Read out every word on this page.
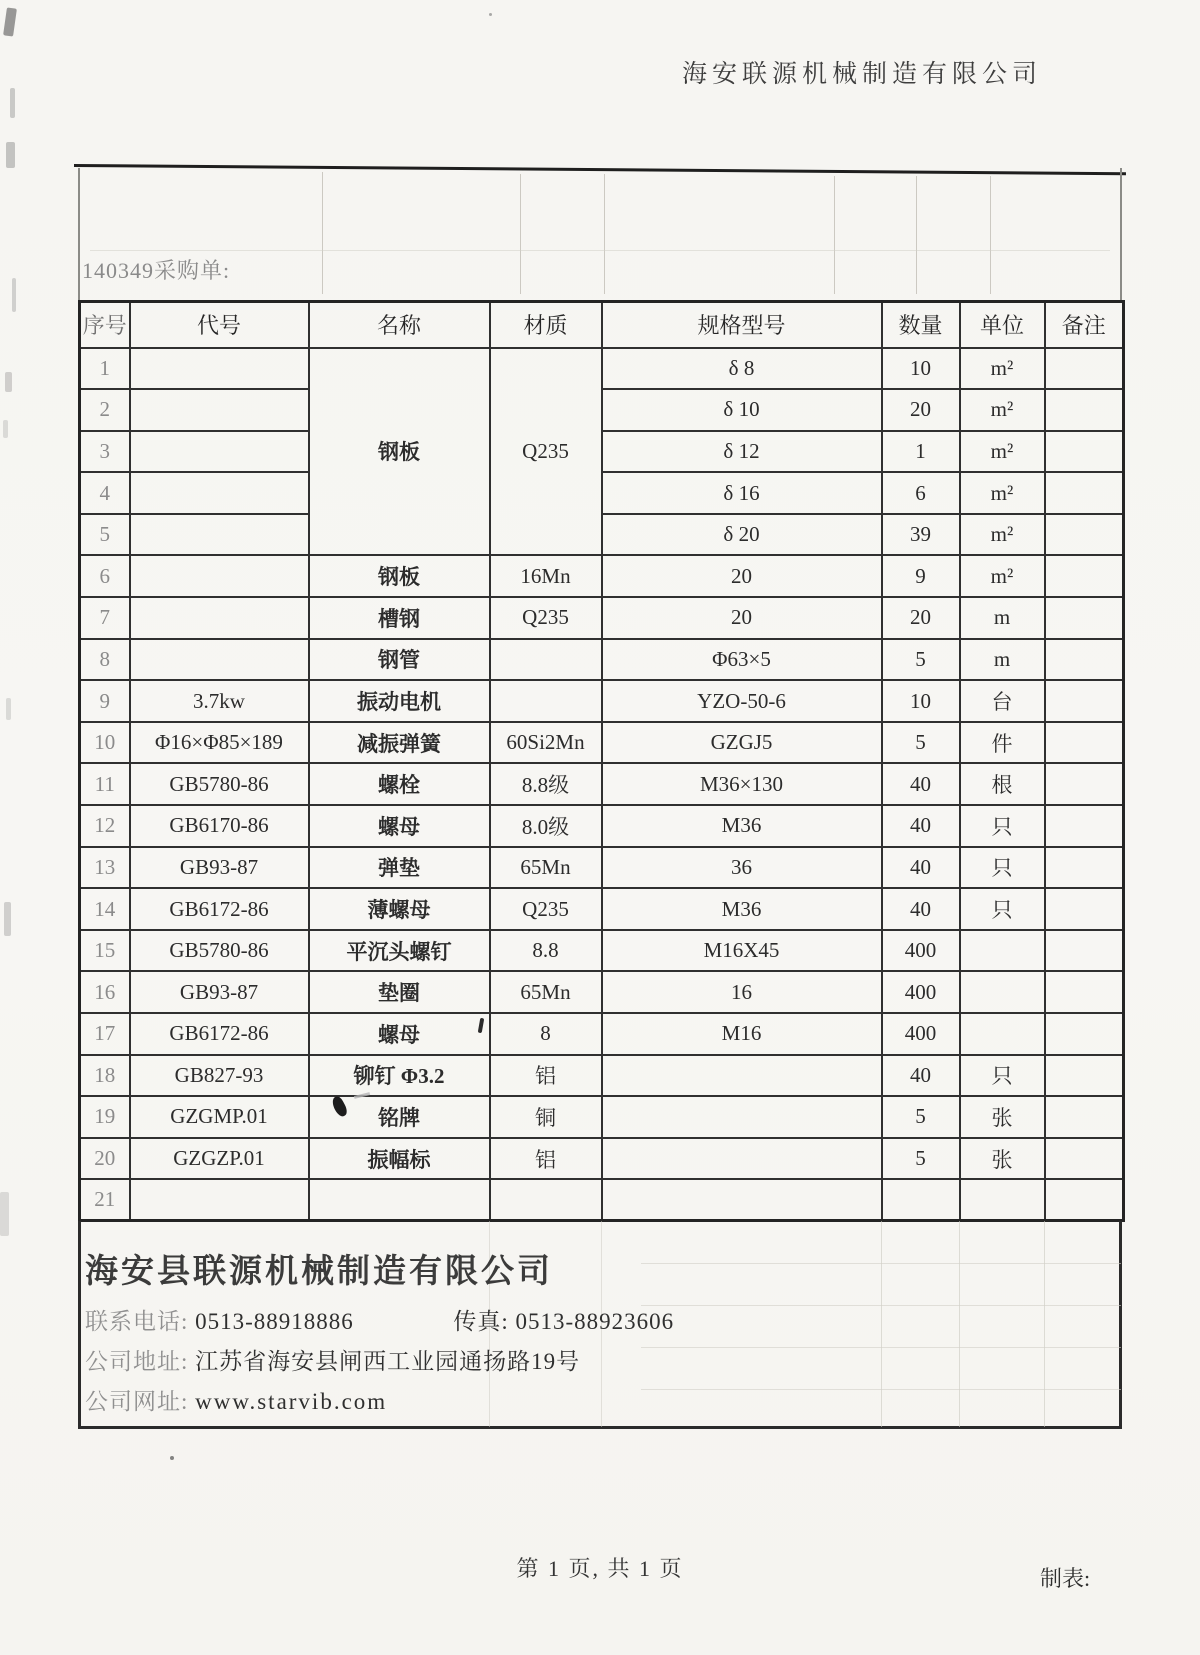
海安联源机械制造有限公司
140349采购单:
序号	代号	名称	材质	规格型号	数量	单位	备注
1		钢板	Q235	δ 8	10	m²	
2				δ 10	20	m²	
3				δ 12	1	m²	
4				δ 16	6	m²	
5				δ 20	39	m²	
6		钢板	16Mn	20	9	m²	
7		槽钢	Q235	20	20	m	
8		钢管		Φ63×5	5	m	
9	3.7kw	振动电机		YZO-50-6	10	台	
10	Φ16×Φ85×189	减振弹簧	60Si2Mn	GZGJ5	5	件	
11	GB5780-86	螺栓	8.8级	M36×130	40	根	
12	GB6170-86	螺母	8.0级	M36	40	只	
13	GB93-87	弹垫	65Mn	36	40	只	
14	GB6172-86	薄螺母	Q235	M36	40	只	
15	GB5780-86	平沉头螺钉	8.8	M16X45	400		
16	GB93-87	垫圈	65Mn	16	400		
17	GB6172-86	螺母	8	M16	400		
18	GB827-93	铆钉 Φ3.2	铝		40	只	
19	GZGMP.01	铭牌	铜		5	张	
20	GZGZP.01	振幅标	铝		5	张	
21							
海安县联源机械制造有限公司
联系电话: 0513-88918886	传真: 0513-88923606
公司地址: 江苏省海安县闸西工业园通扬路19号
公司网址: www.starvib.com
第 1 页, 共 1 页	制表:
